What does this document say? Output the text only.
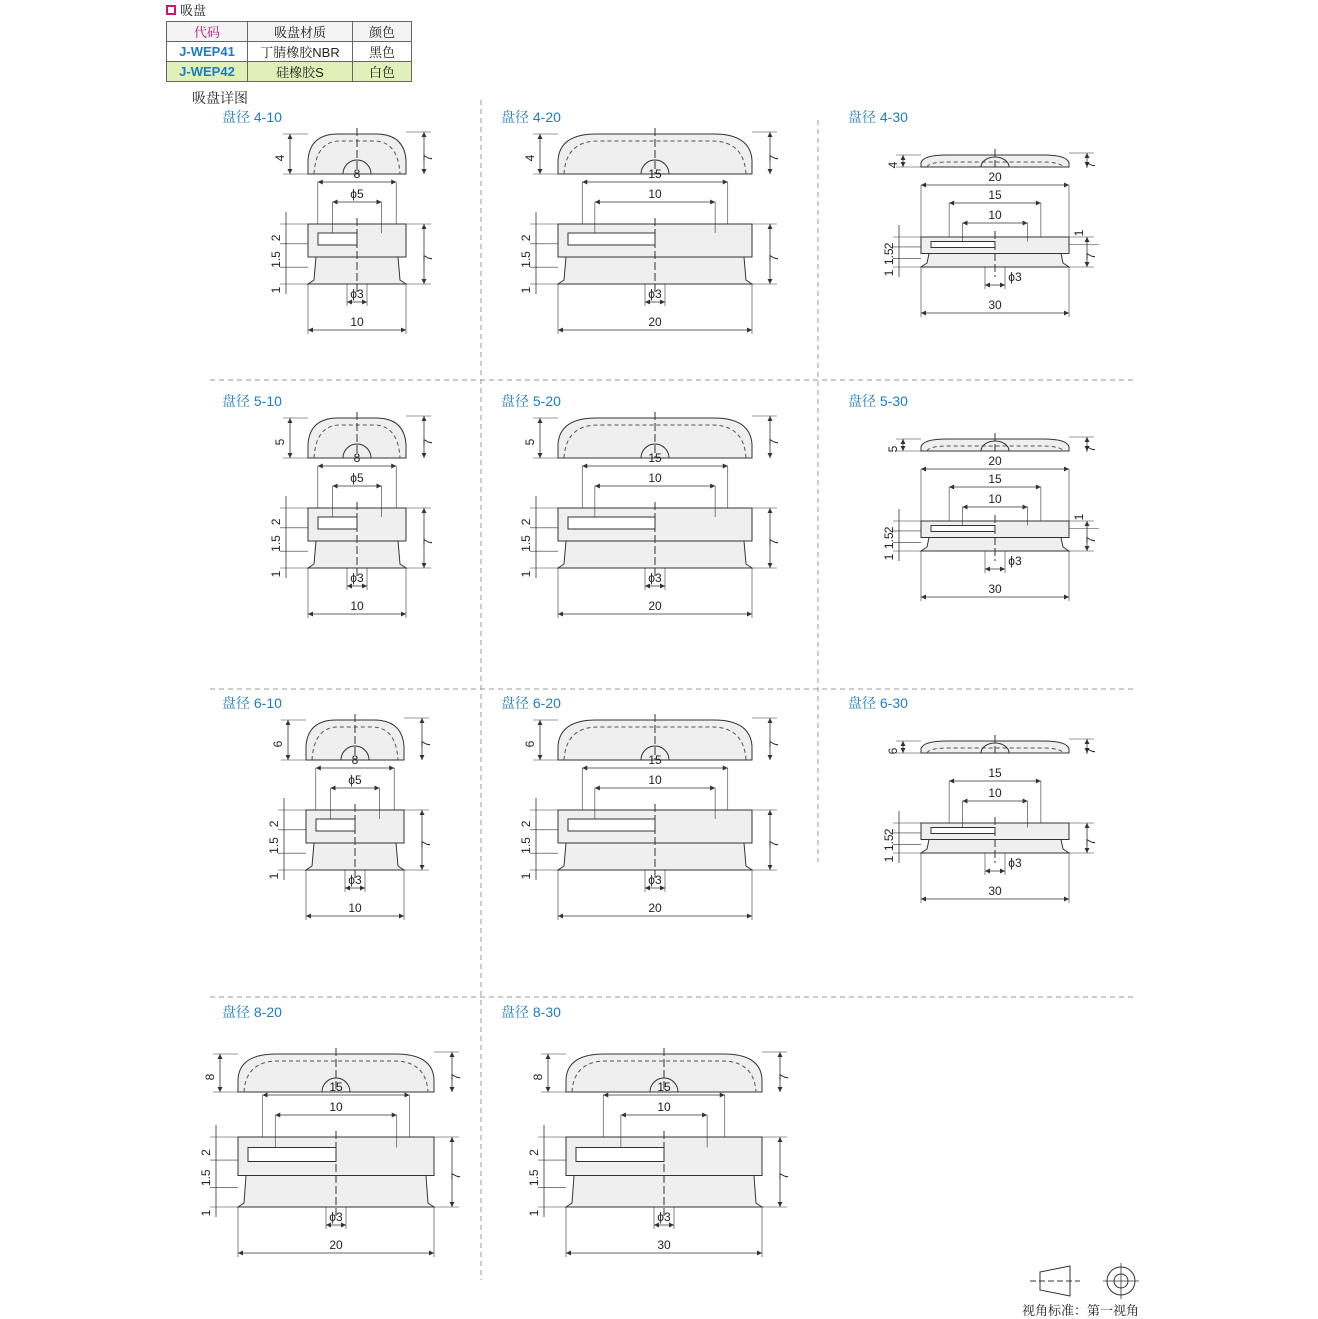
吸盘
代码	吸盘材质	颜色
J-WEP41	丁腈橡胶NBR	黑色
J-WEP42	硅橡胶S	白色
吸盘详图
盘径 4-10
4	7
8
ϕ5
2
1.5
1
7
ϕ3
10
盘径 4-20
4	7
15
10
2
1.5
1
7
ϕ3
20
盘径 4-30
4	7
20
15
10
2
1.5
1
7
1
ϕ3
30
盘径 5-10
5	7
8
ϕ5
2
1.5
1
7
ϕ3
10
盘径 5-20
5	7
15
10
2
1.5
1
7
ϕ3
20
盘径 5-30
5	7
20
15
10
2
1.5
1
7
1
ϕ3
30
盘径 6-10
6	7
8
ϕ5
2
1.5
1
7
ϕ3
10
盘径 6-20
6	7
15
10
2
1.5
1
7
ϕ3
20
盘径 6-30
6	7
15
10
2
1.5
1
7
ϕ3
30
盘径 8-20
8	7
15
10
2
1.5
1
7
ϕ3
20
盘径 8-30
8	7
15
10
2
1.5
1
7
ϕ3
30
视角标准：第一视角
